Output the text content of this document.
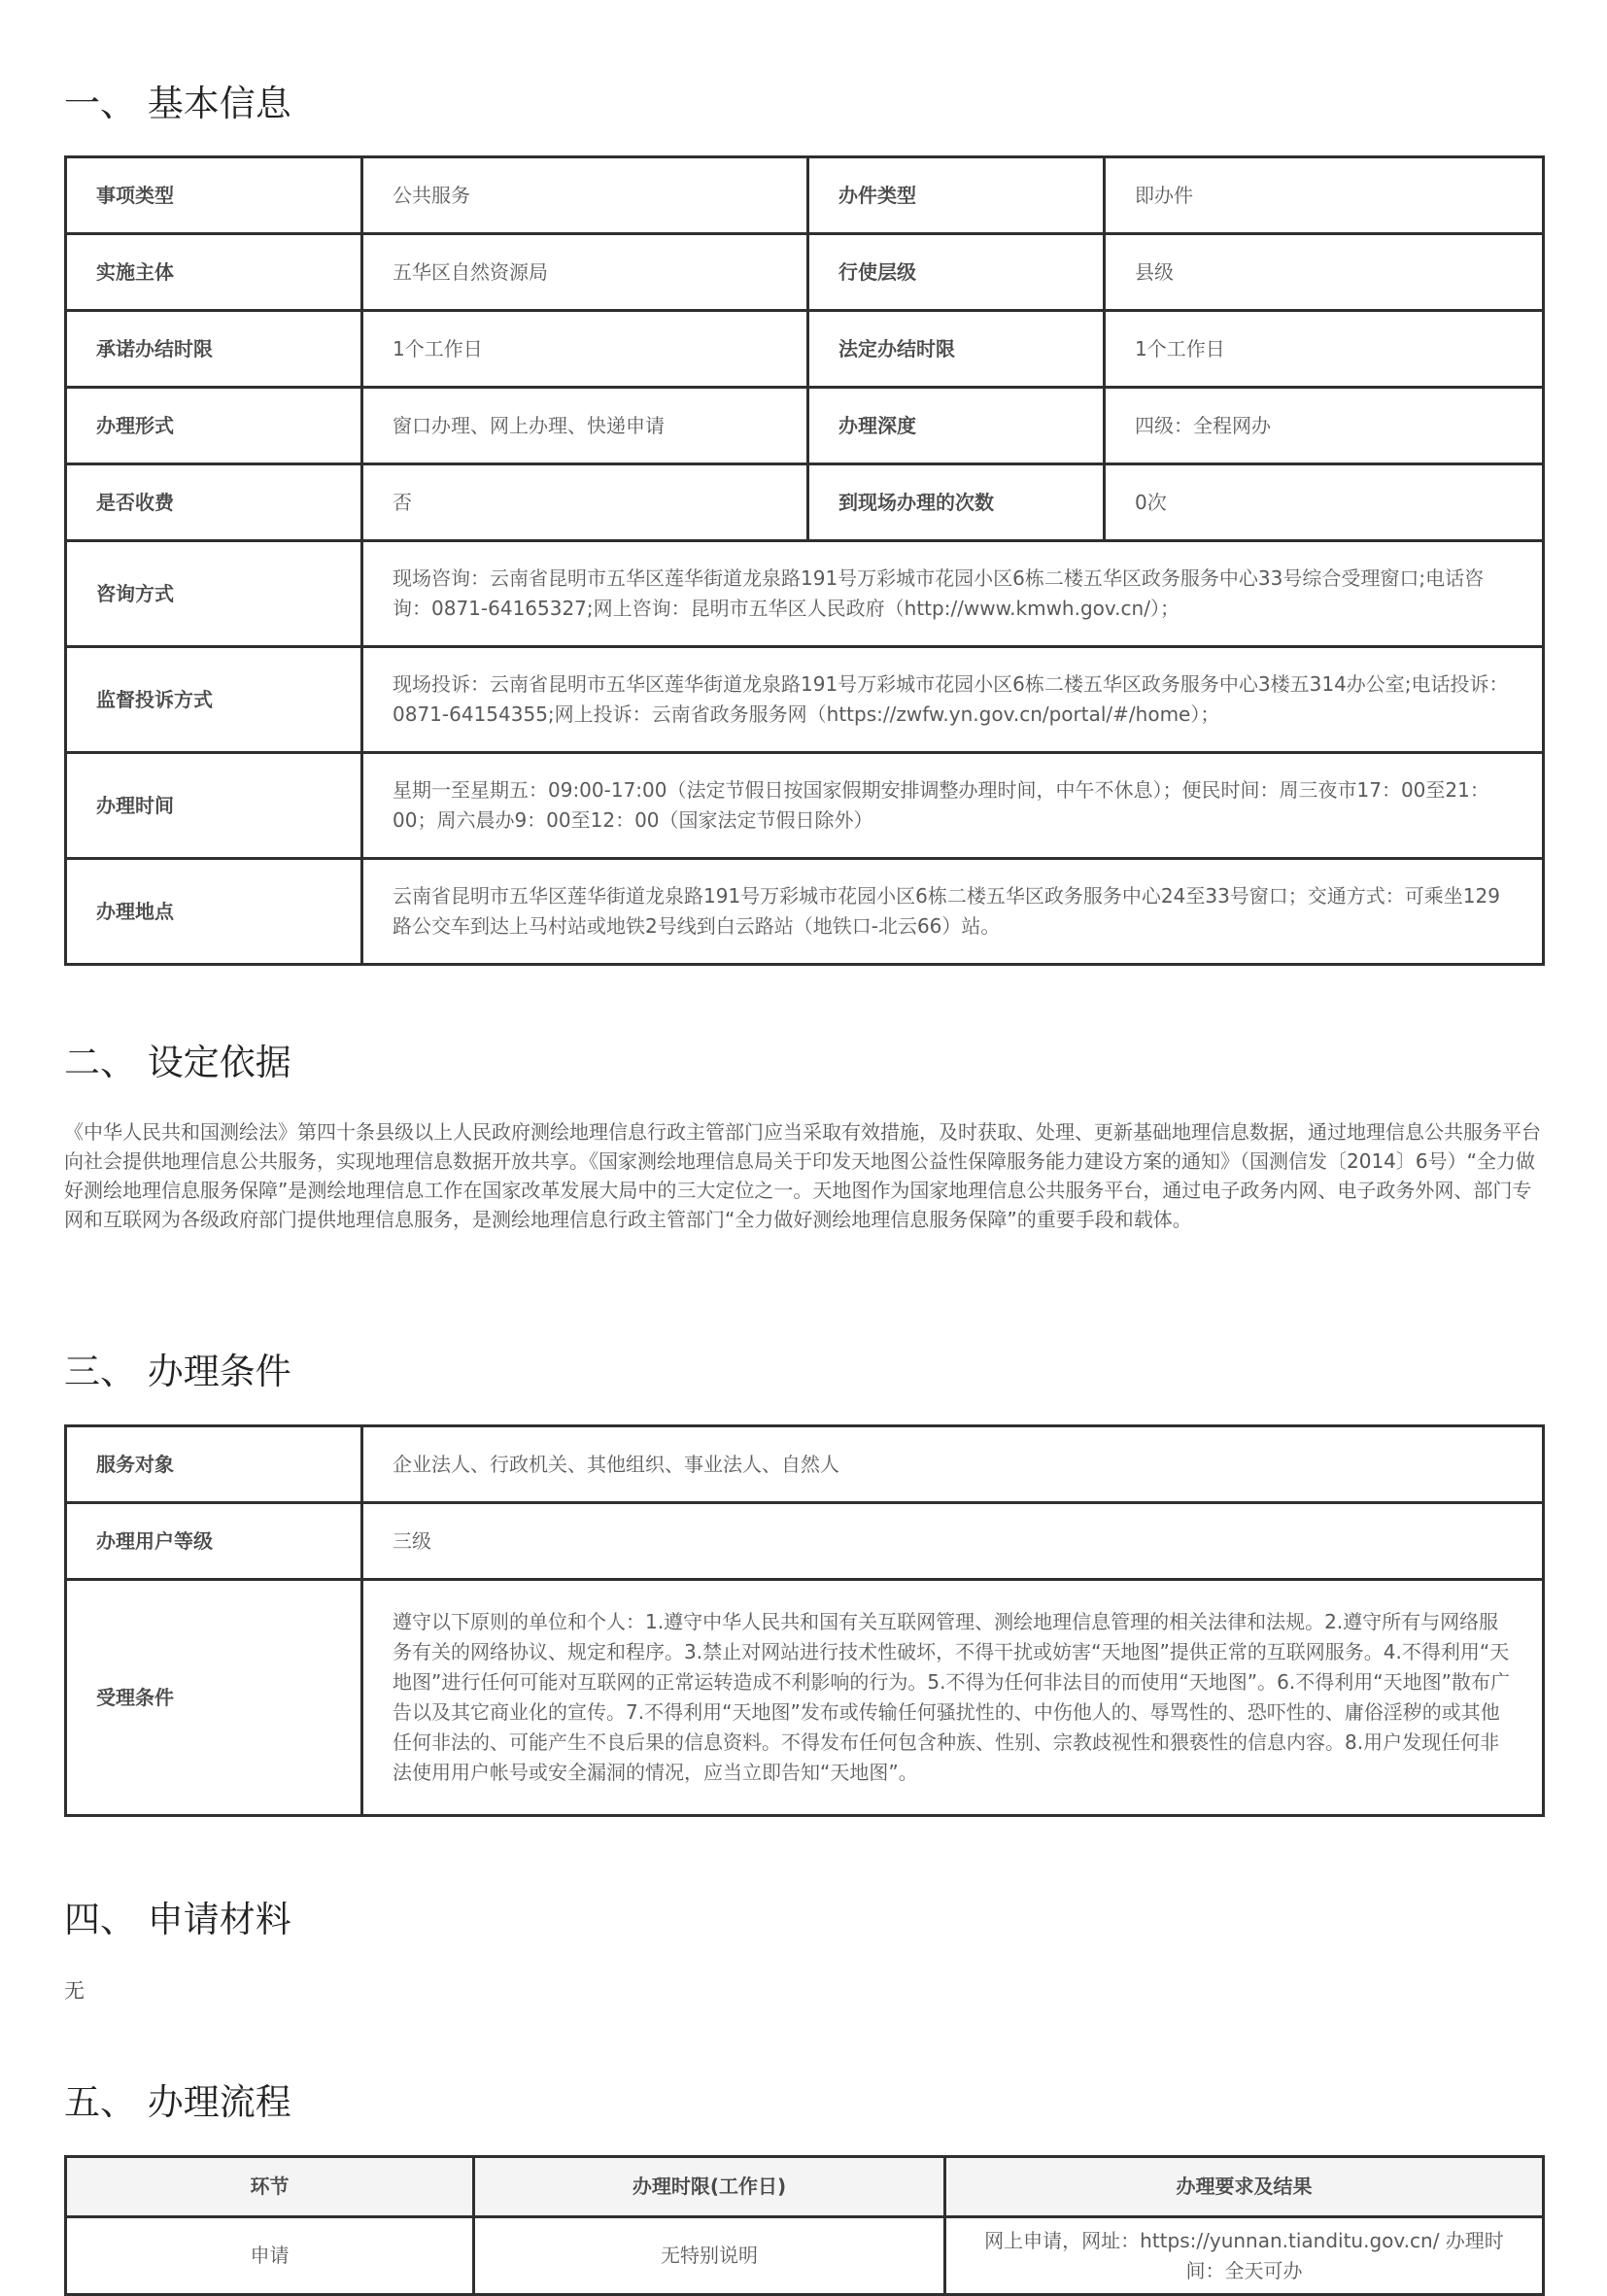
一、 基本信息
事项类型	公共服务	办件类型	即办件
实施主体	五华区自然资源局	行使层级	县级
承诺办结时限	1个工作日	法定办结时限	1个工作日
办理形式	窗口办理、网上办理、快递申请	办理深度	四级：全程网办
是否收费	否	到现场办理的次数	0次
咨询方式	现场咨询：云南省昆明市五华区莲华街道龙泉路191号万彩城市花园小区6栋二楼五华区政务服务中心33号综合受理窗口;电话咨询：0871-64165327;网上咨询：昆明市五华区人民政府（http://www.kmwh.gov.cn/）；		
监督投诉方式	现场投诉：云南省昆明市五华区莲华街道龙泉路191号万彩城市花园小区6栋二楼五华区政务服务中心3楼五314办公室;电话投诉：0871-64154355;网上投诉：云南省政务服务网（https://zwfw.yn.gov.cn/portal/#/home）；		
办理时间	星期一至星期五：09:00-17:00（法定节假日按国家假期安排调整办理时间，中午不休息）；便民时间：周三夜市17：00至21：00；周六晨办9：00至12：00（国家法定节假日除外）		
办理地点	云南省昆明市五华区莲华街道龙泉路191号万彩城市花园小区6栋二楼五华区政务服务中心24至33号窗口；交通方式：可乘坐129路公交车到达上马村站或地铁2号线到白云路站（地铁口-北云66）站。		
二、 设定依据

《中华人民共和国测绘法》第四十条县级以上人民政府测绘地理信息行政主管部门应当采取有效措施，及时获取、处理、更新基础地理信息数据，通过地理信息公共服务平台向社会提供地理信息公共服务，实现地理信息数据开放共享。《国家测绘地理信息局关于印发天地图公益性保障服务能力建设方案的通知》（国测信发〔2014〕6号）“全力做好测绘地理信息服务保障”是测绘地理信息工作在国家改革发展大局中的三大定位之一。天地图作为国家地理信息公共服务平台，通过电子政务内网、电子政务外网、部门专网和互联网为各级政府部门提供地理信息服务，是测绘地理信息行政主管部门“全力做好测绘地理信息服务保障”的重要手段和载体。

三、 办理条件
服务对象	企业法人、行政机关、其他组织、事业法人、自然人
办理用户等级	三级
受理条件	遵守以下原则的单位和个人：1.遵守中华人民共和国有关互联网管理、测绘地理信息管理的相关法律和法规。2.遵守所有与网络服务有关的网络协议、规定和程序。3.禁止对网站进行技术性破坏，不得干扰或妨害“天地图”提供正常的互联网服务。4.不得利用“天地图”进行任何可能对互联网的正常运转造成不利影响的行为。5.不得为任何非法目的而使用“天地图”。6.不得利用“天地图”散布广告以及其它商业化的宣传。7.不得利用“天地图”发布或传输任何骚扰性的、中伤他人的、辱骂性的、恐吓性的、庸俗淫秽的或其他任何非法的、可能产生不良后果的信息资料。不得发布任何包含种族、性别、宗教歧视性和猥亵性的信息内容。8.用户发现任何非法使用用户帐号或安全漏洞的情况，应当立即告知“天地图”。
四、 申请材料

无

五、 办理流程
环节	办理时限(工作日)	办理要求及结果
申请	无特别说明	网上申请，网址：https://yunnan.tianditu.gov.cn/ 办理时间：全天可办
